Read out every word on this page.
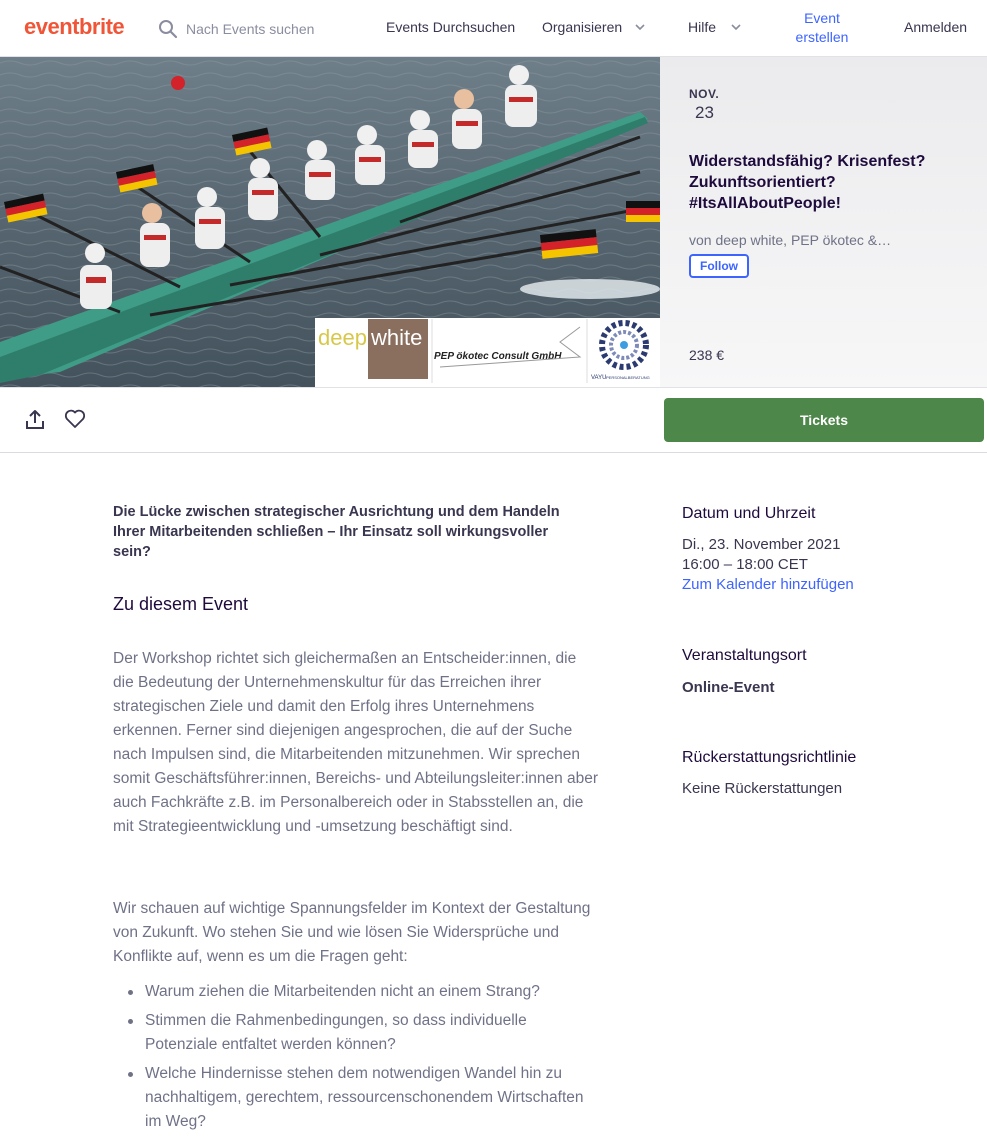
eventbrite
Nach Events suchen	Events Durchsuchen Organisieren	Hilfe
Event
erstellen
Anmelden
deep white
PEP ökotec Consult GmbH
VAYU PERSONALBERATUNG
NOV.
23
Widerstandsfähig? Krisenfest? Zukunftsorientiert? #ItsAllAboutPeople!
von deep white, PEP ökotec &…
Follow
238 €
Tickets
Die Lücke zwischen strategischer Ausrichtung und dem Handeln Ihrer Mitarbeitenden schließen – Ihr Einsatz soll wirkungsvoller sein?
Zu diesem Event

Der Workshop richtet sich gleichermaßen an Entscheider:innen, die die Bedeutung der Unternehmenskultur für das Erreichen ihrer strategischen Ziele und damit den Erfolg ihres Unternehmens erkennen. Ferner sind diejenigen angesprochen, die auf der Suche nach Impulsen sind, die Mitarbeitenden mitzunehmen. Wir sprechen somit Geschäftsführer:innen, Bereichs- und Abteilungsleiter:innen aber auch Fachkräfte z.B. im Personalbereich oder in Stabsstellen an, die mit Strategieentwicklung und -umsetzung beschäftigt sind.

Wir schauen auf wichtige Spannungsfelder im Kontext der Gestaltung von Zukunft. Wo stehen Sie und wie lösen Sie Widersprüche und Konflikte auf, wenn es um die Fragen geht:

Warum ziehen die Mitarbeitenden nicht an einem Strang?
Stimmen die Rahmenbedingungen, so dass individuelle Potenziale entfaltet werden können?
Welche Hindernisse stehen dem notwendigen Wandel hin zu nachhaltigem, gerechtem, ressourcenschonendem Wirtschaften im Weg?
Datum und Uhrzeit
Di., 23. November 2021
16:00 – 18:00 CET
Zum Kalender hinzufügen
Veranstaltungsort
Online-Event
Rückerstattungsrichtlinie
Keine Rückerstattungen
